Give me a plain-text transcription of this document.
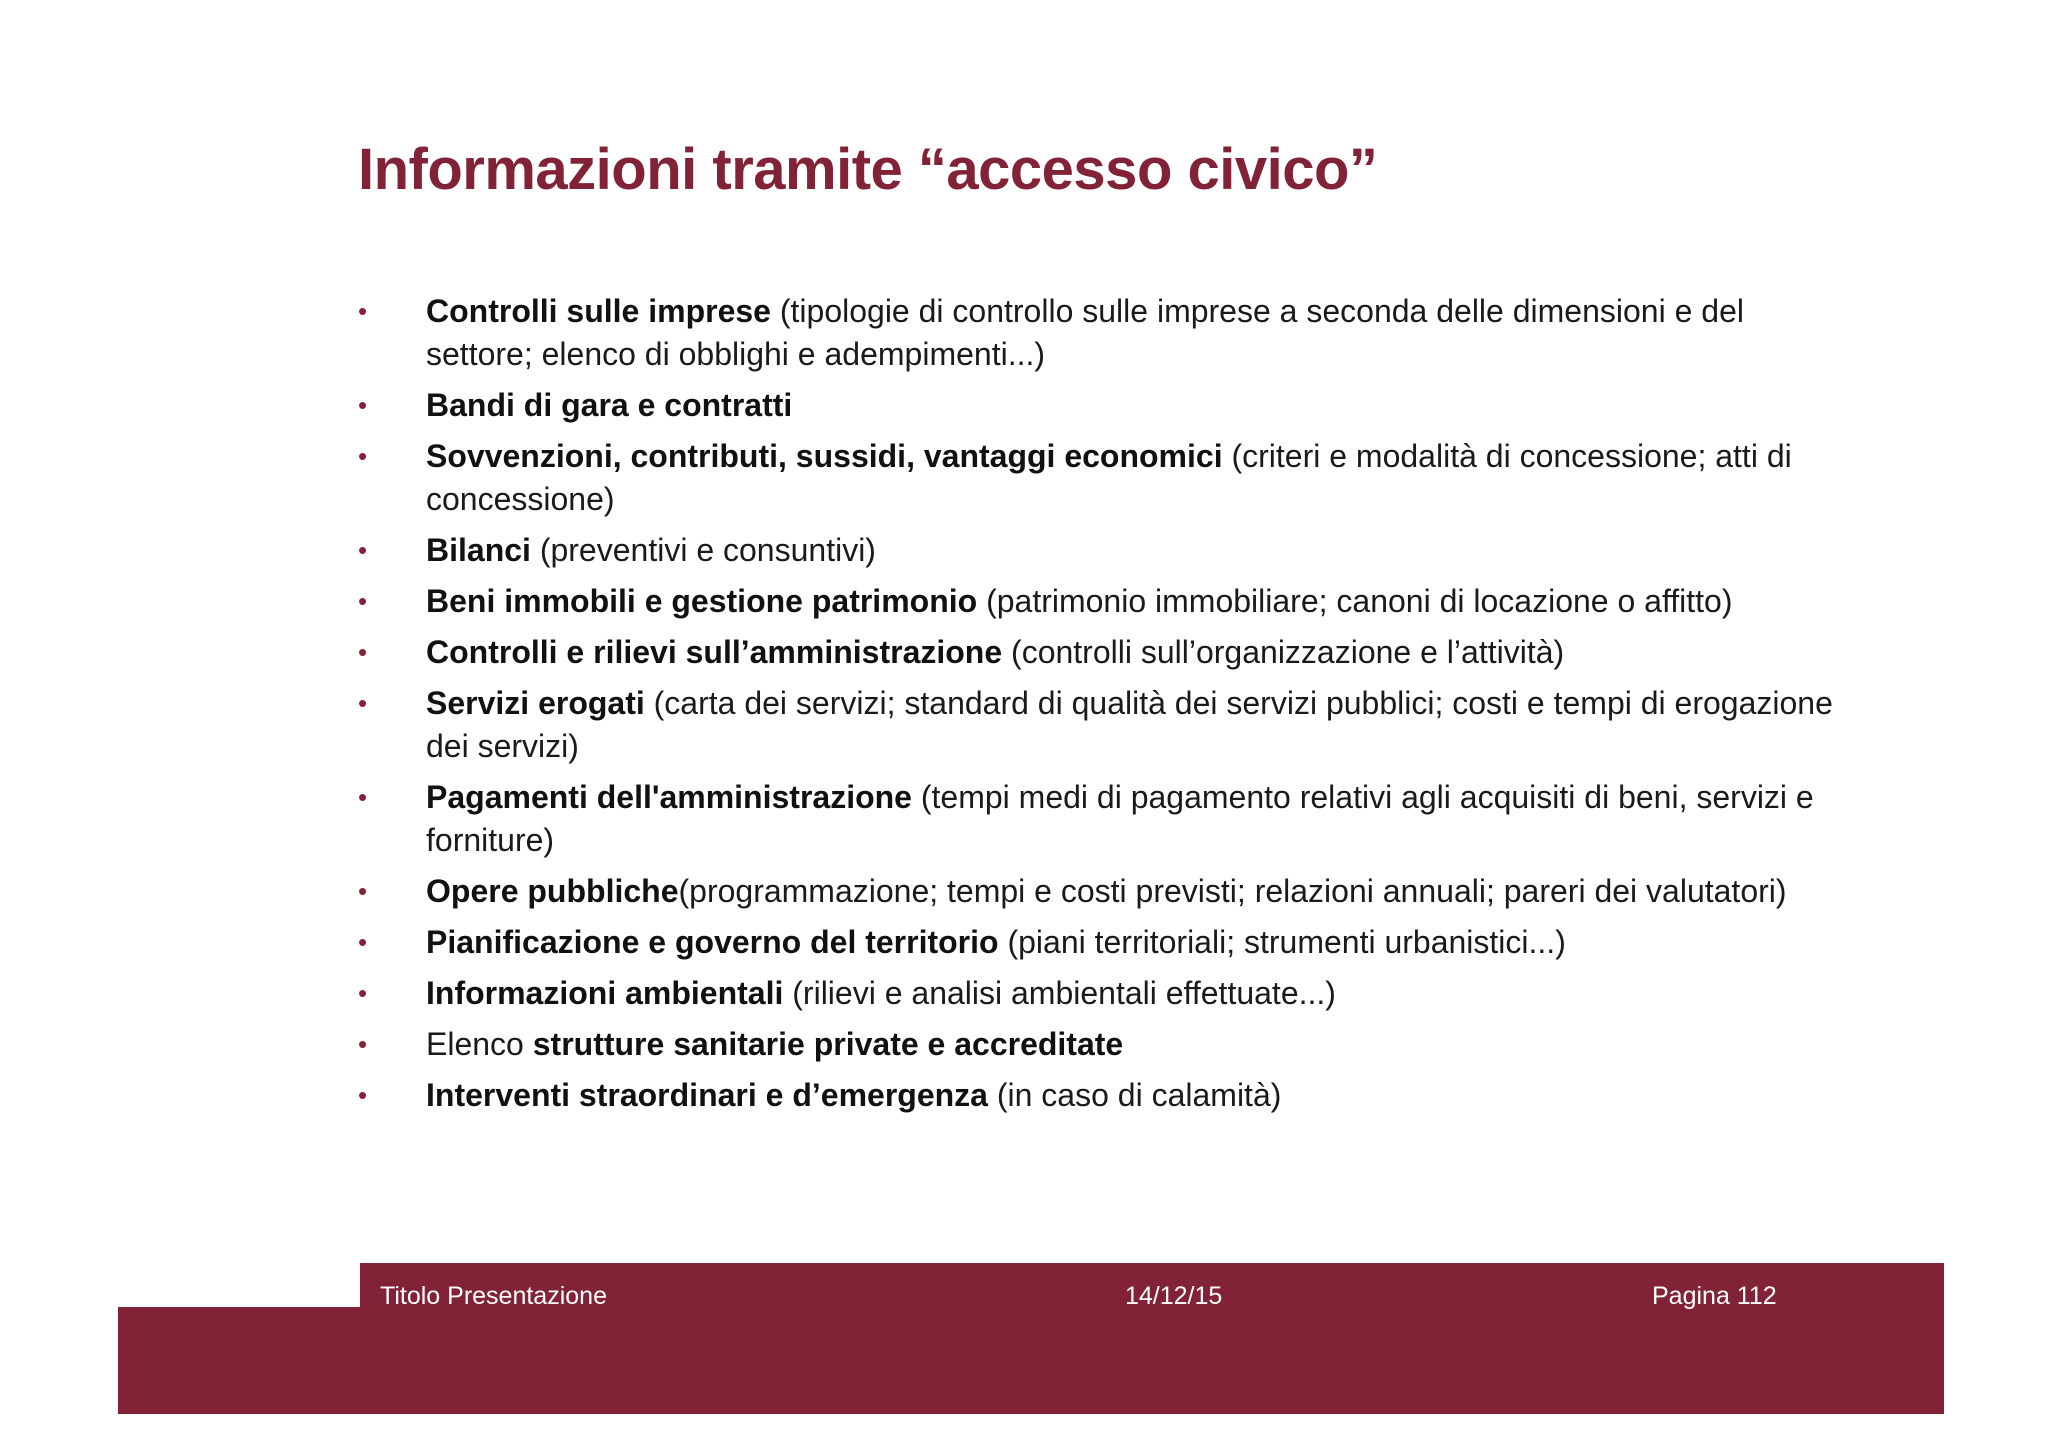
Informazioni tramite “accesso civico”
• Controlli sulle imprese (tipologie di controllo sulle imprese a seconda delle dimensioni e del settore; elenco di obblighi e adempimenti...)
• Bandi di gara e contratti
• Sovvenzioni, contributi, sussidi, vantaggi economici (criteri e modalità di concessione; atti di concessione)
• Bilanci (preventivi e consuntivi)
• Beni immobili e gestione patrimonio (patrimonio immobiliare; canoni di locazione o affitto)
• Controlli e rilievi sull’amministrazione (controlli sull’organizzazione e l’attività)
• Servizi erogati (carta dei servizi; standard di qualità dei servizi pubblici; costi e tempi di erogazione dei servizi)
• Pagamenti dell'amministrazione (tempi medi di pagamento relativi agli acquisiti di beni, servizi e forniture)
• Opere pubbliche(programmazione; tempi e costi previsti; relazioni annuali; pareri dei valutatori)
• Pianificazione e governo del territorio (piani territoriali; strumenti urbanistici...)
• Informazioni ambientali (rilievi e analisi ambientali effettuate...)
• Elenco strutture sanitarie private e accreditate
• Interventi straordinari e d’emergenza (in caso di calamità)
Titolo Presentazione	14/12/15	Pagina 112
